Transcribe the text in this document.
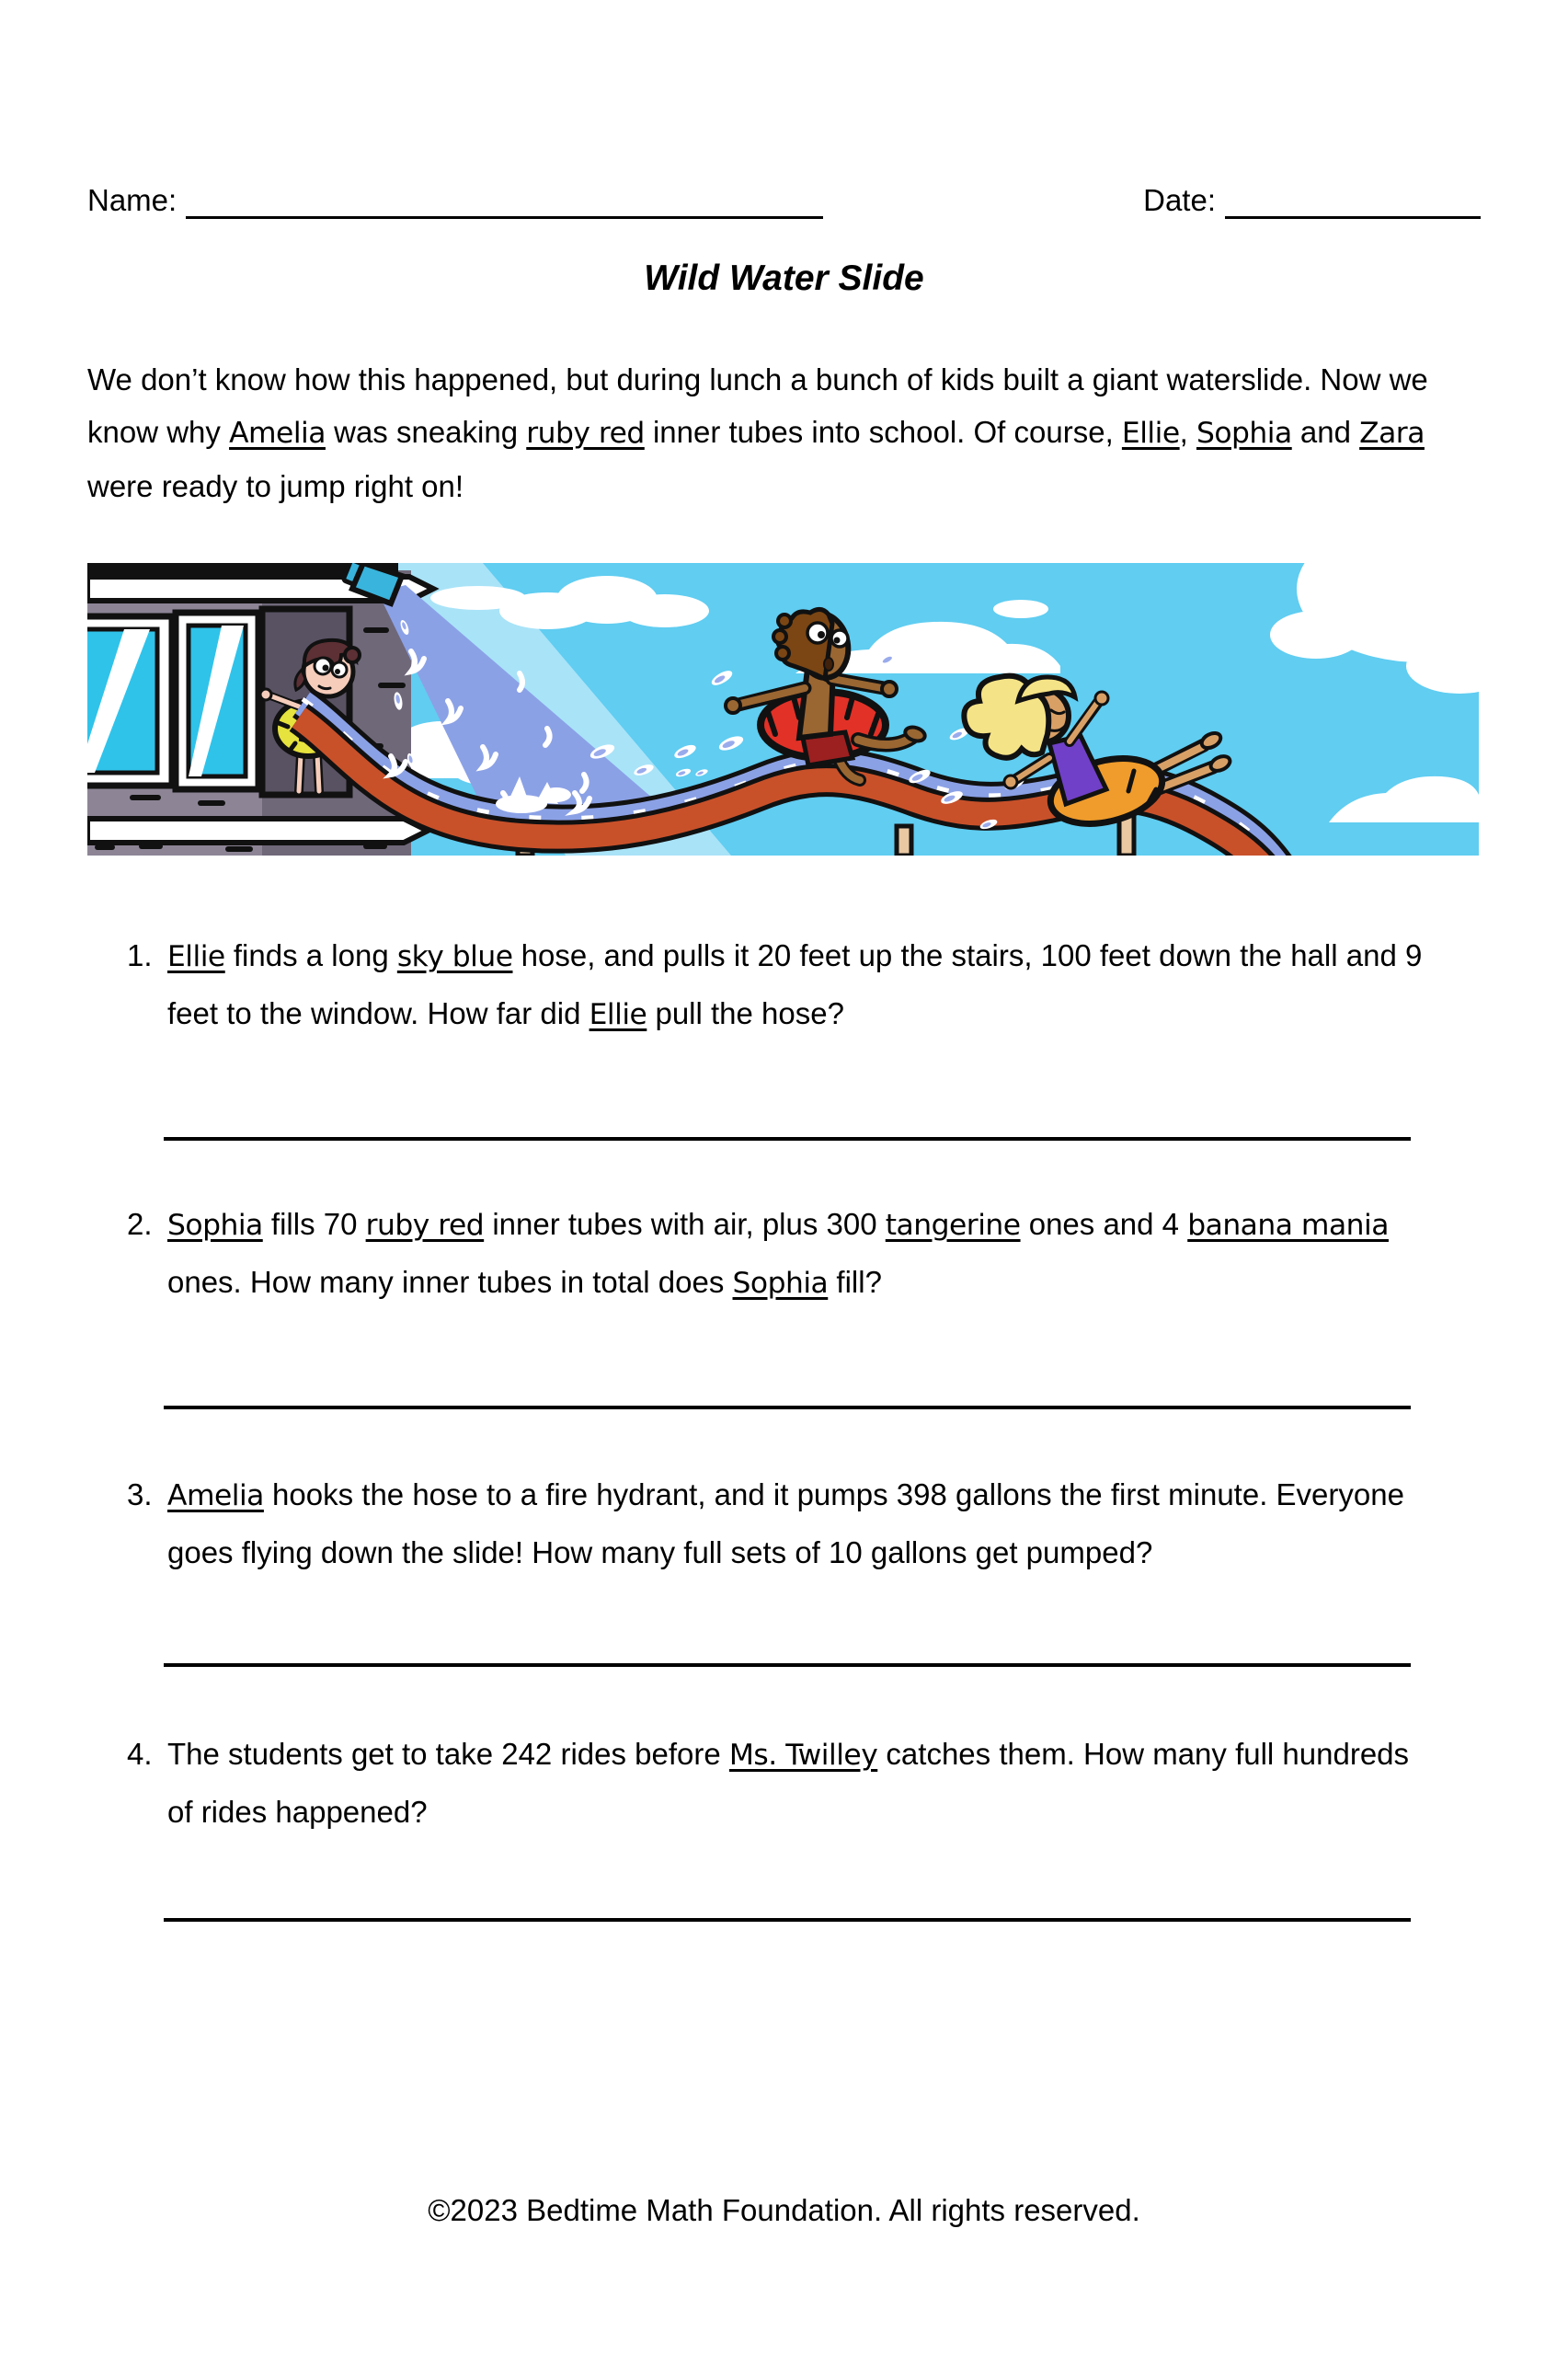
Name:	Date:
Wild Water Slide
We don’t know how this happened, but during lunch a bunch of kids built a giant waterslide. Now we know why Amelia was sneaking ruby red inner tubes into school. Of course, Ellie, Sophia and Zara were ready to jump right on!
1. Ellie finds a long sky blue hose, and pulls it 20 feet up the stairs, 100 feet down the hall and 9 feet to the window. How far did Ellie pull the hose?
2. Sophia fills 70 ruby red inner tubes with air, plus 300 tangerine ones and 4 banana mania ones. How many inner tubes in total does Sophia fill?
3. Amelia hooks the hose to a fire hydrant, and it pumps 398 gallons the first minute. Everyone goes flying down the slide! How many full sets of 10 gallons get pumped?
4. The students get to take 242 rides before Ms. Twilley catches them. How many full hundreds of rides happened?
©2023 Bedtime Math Foundation. All rights reserved.
